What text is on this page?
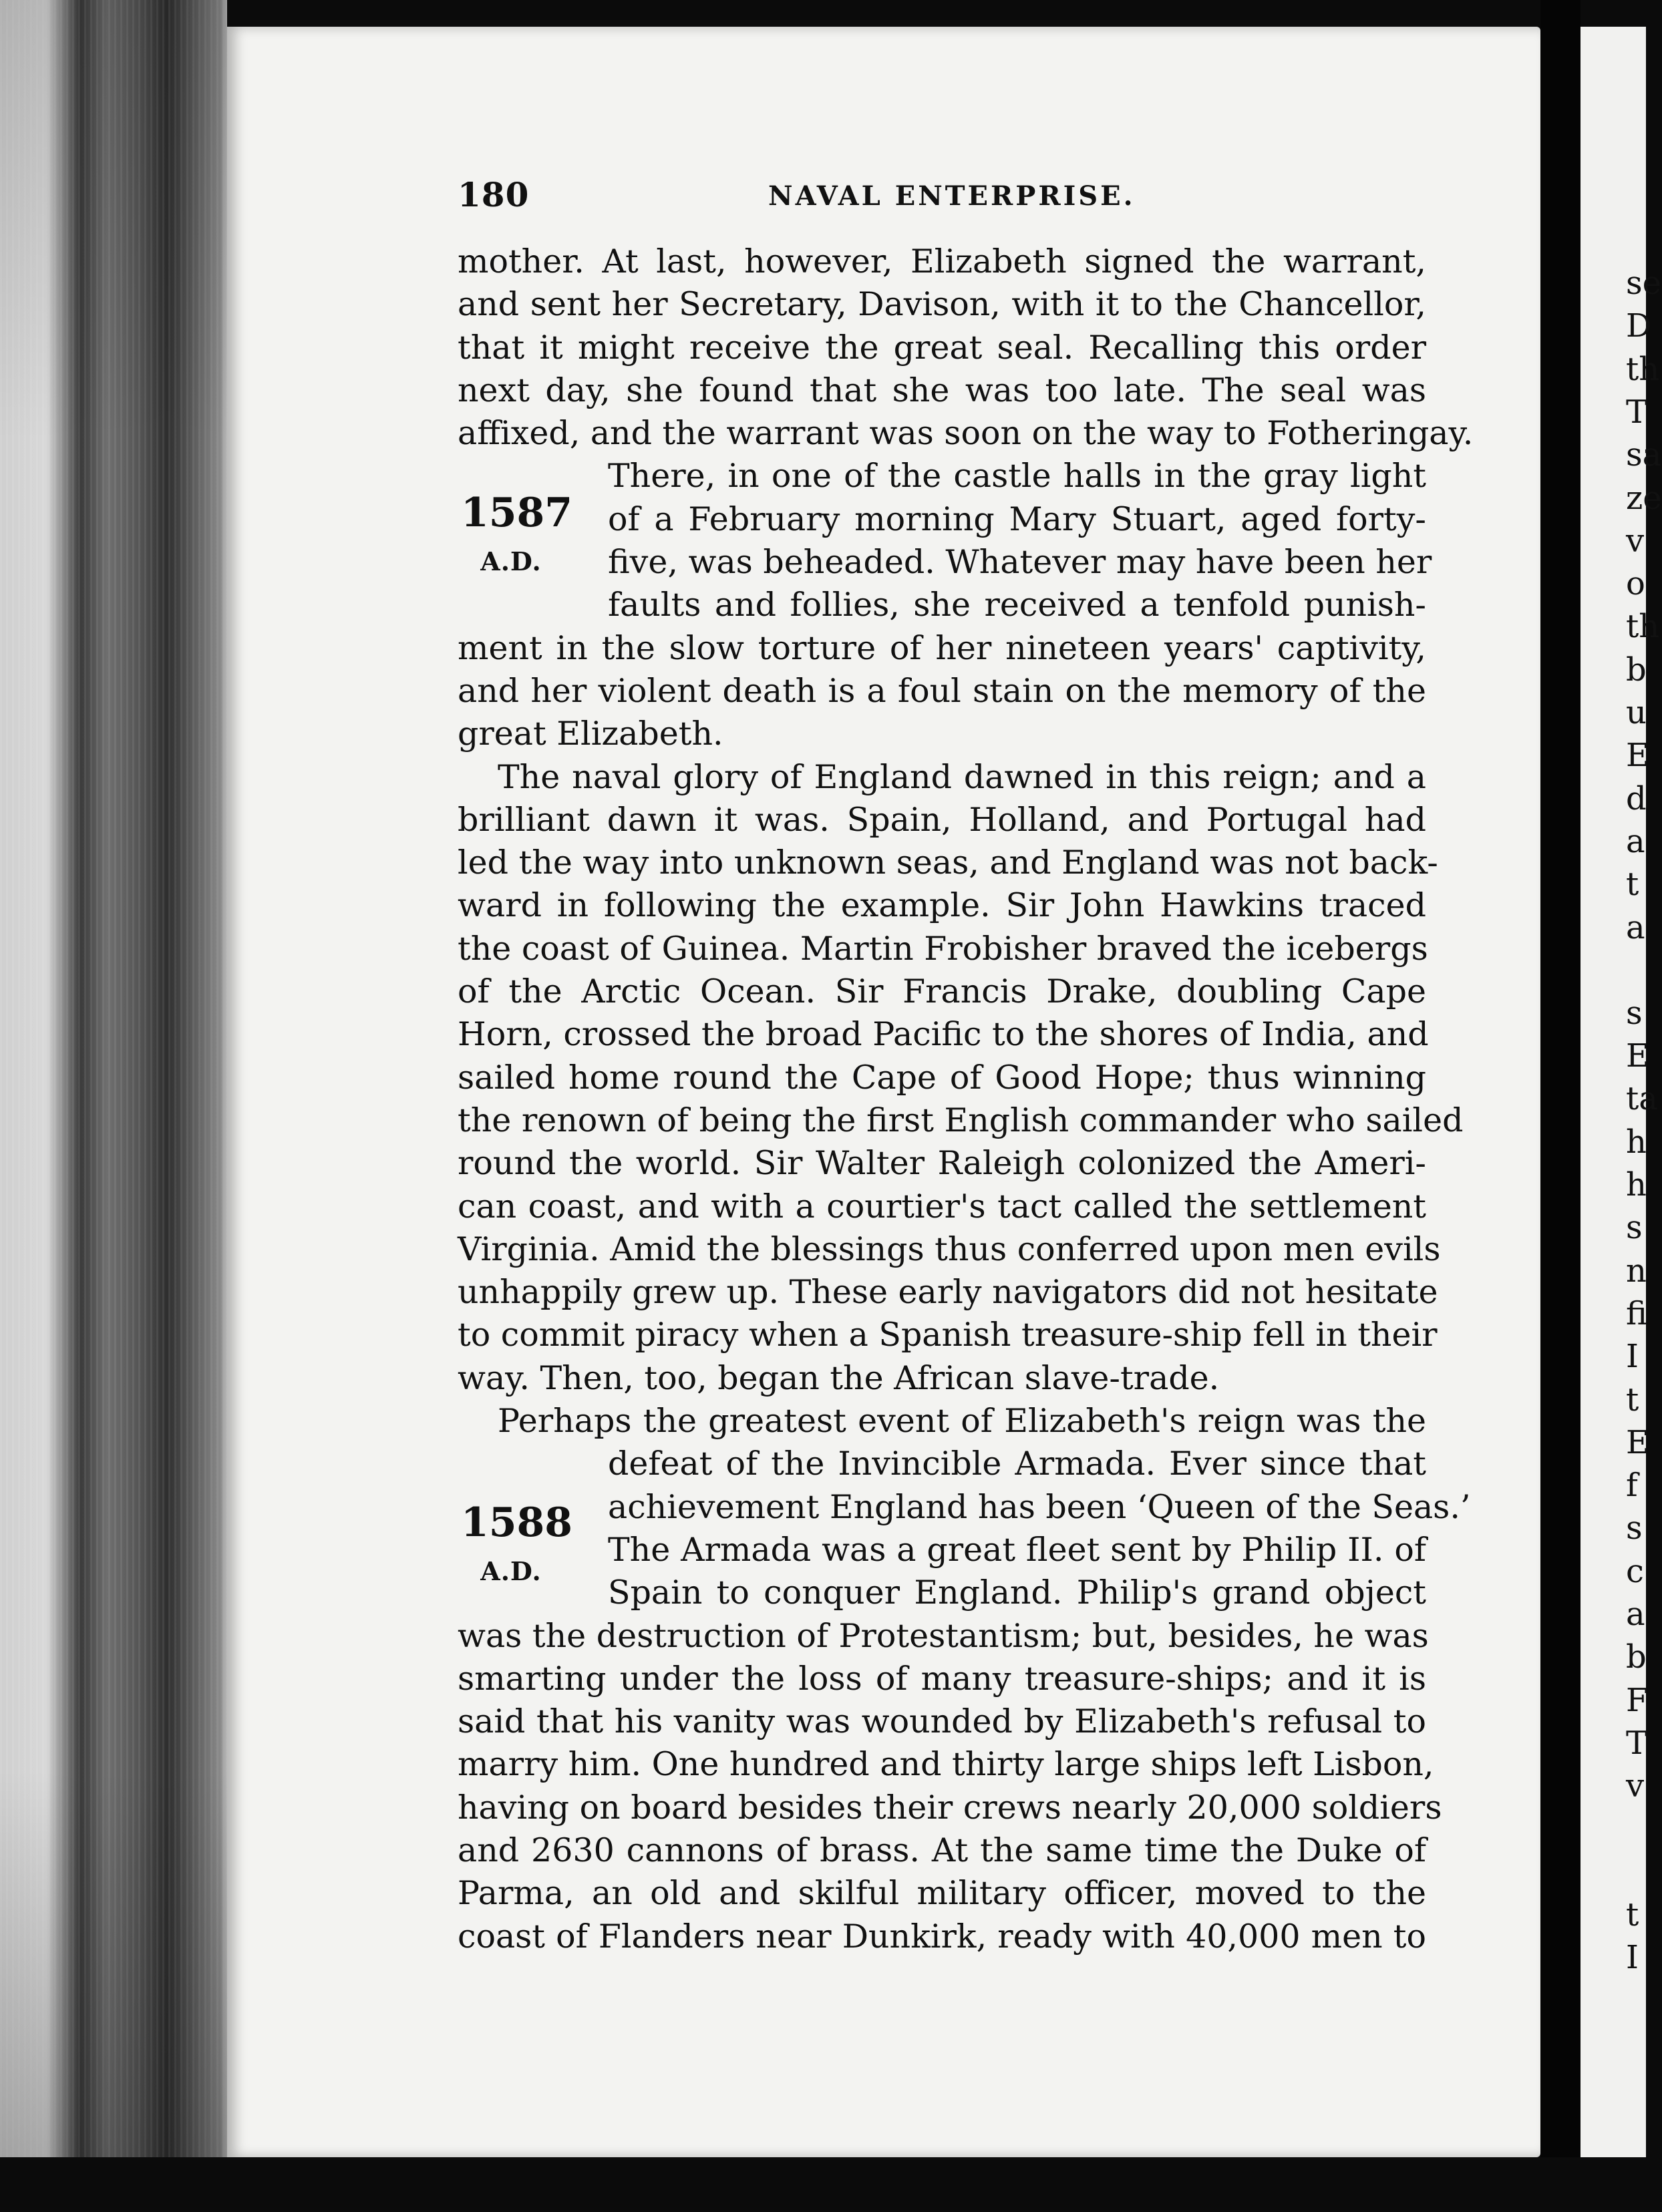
se
D
th
T
sa
ze
v
o
th
b
u
E
d
a
t
a
s
E
ta
h
h
s
n
fi
I
t
E
f
s
c
a
b
F
T
v
t
I
180	NAVAL ENTERPRISE.
1587
A.D.
1588
A.D.
mother. At last, however, Elizabeth signed the warrant,
and sent her Secretary, Davison, with it to the Chancellor,
that it might receive the great seal. Recalling this order
next day, she found that she was too late. The seal was
affixed, and the warrant was soon on the way to Fotheringay.
There, in one of the castle halls in the gray light
of a February morning Mary Stuart, aged forty-
five, was beheaded. Whatever may have been her
faults and follies, she received a tenfold punish-
ment in the slow torture of her nineteen years' captivity,
and her violent death is a foul stain on the memory of the
great Elizabeth.
The naval glory of England dawned in this reign; and a
brilliant dawn it was. Spain, Holland, and Portugal had
led the way into unknown seas, and England was not back-
ward in following the example. Sir John Hawkins traced
the coast of Guinea. Martin Frobisher braved the icebergs
of the Arctic Ocean. Sir Francis Drake, doubling Cape
Horn, crossed the broad Pacific to the shores of India, and
sailed home round the Cape of Good Hope; thus winning
the renown of being the first English commander who sailed
round the world. Sir Walter Raleigh colonized the Ameri-
can coast, and with a courtier's tact called the settlement
Virginia. Amid the blessings thus conferred upon men evils
unhappily grew up. These early navigators did not hesitate
to commit piracy when a Spanish treasure-ship fell in their
way. Then, too, began the African slave-trade.
Perhaps the greatest event of Elizabeth's reign was the
defeat of the Invincible Armada. Ever since that
achievement England has been ‘Queen of the Seas.’
The Armada was a great fleet sent by Philip II. of
Spain to conquer England. Philip's grand object
was the destruction of Protestantism; but, besides, he was
smarting under the loss of many treasure-ships; and it is
said that his vanity was wounded by Elizabeth's refusal to
marry him. One hundred and thirty large ships left Lisbon,
having on board besides their crews nearly 20,000 soldiers
and 2630 cannons of brass. At the same time the Duke of
Parma, an old and skilful military officer, moved to the
coast of Flanders near Dunkirk, ready with 40,000 men to
